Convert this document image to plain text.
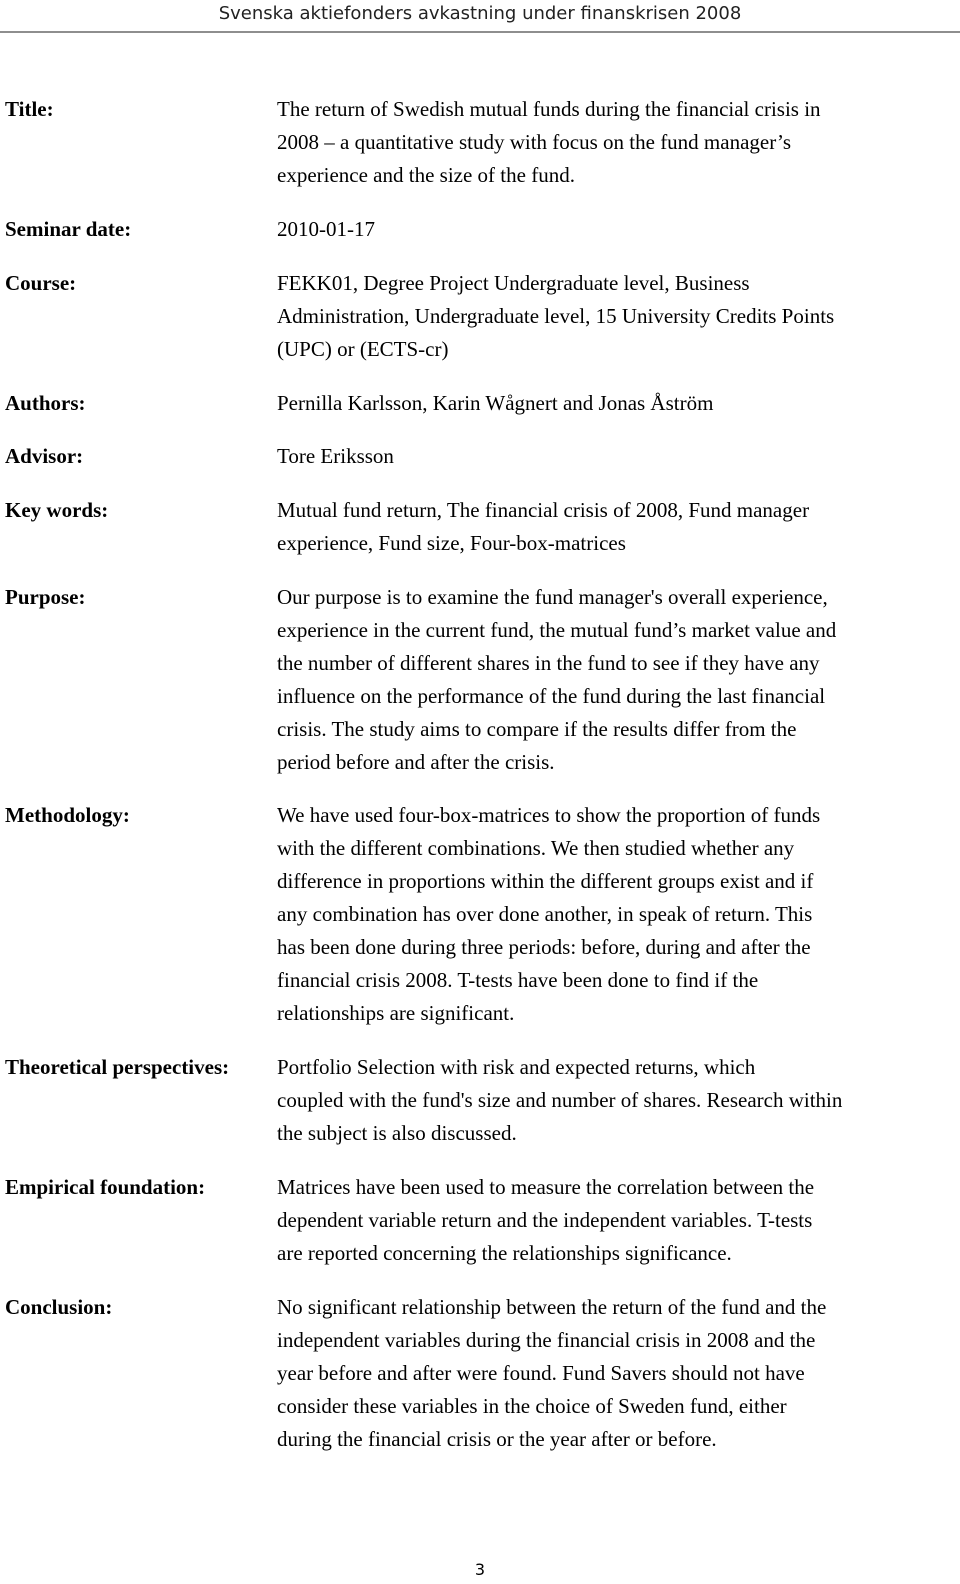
Svenska aktiefonders avkastning under finanskrisen 2008
Title:	The return of Swedish mutual funds during the financial crisis in
2008 – a quantitative study with focus on the fund manager’s
experience and the size of the fund.
Seminar date:	2010-01-17
Course:	FEKK01, Degree Project Undergraduate level, Business
Administration, Undergraduate level, 15 University Credits Points
(UPC) or (ECTS-cr)
Authors:	Pernilla Karlsson, Karin Wågnert and Jonas Åström
Advisor:	Tore Eriksson
Key words:	Mutual fund return, The financial crisis of 2008, Fund manager
experience, Fund size, Four-box-matrices
Purpose:	Our purpose is to examine the fund manager's overall experience,
experience in the current fund, the mutual fund’s market value and
the number of different shares in the fund to see if they have any
influence on the performance of the fund during the last financial
crisis. The study aims to compare if the results differ from the
period before and after the crisis.
Methodology:	We have used four-box-matrices to show the proportion of funds
with the different combinations. We then studied whether any
difference in proportions within the different groups exist and if
any combination has over done another, in speak of return. This
has been done during three periods: before, during and after the
financial crisis 2008. T-tests have been done to find if the
relationships are significant.
Theoretical perspectives: Portfolio Selection with risk and expected returns, which
coupled with the fund's size and number of shares. Research within
the subject is also discussed.
Empirical foundation:	Matrices have been used to measure the correlation between the
dependent variable return and the independent variables. T-tests
are reported concerning the relationships significance.
Conclusion:	No significant relationship between the return of the fund and the
independent variables during the financial crisis in 2008 and the
year before and after were found. Fund Savers should not have
consider these variables in the choice of Sweden fund, either
during the financial crisis or the year after or before.
3
